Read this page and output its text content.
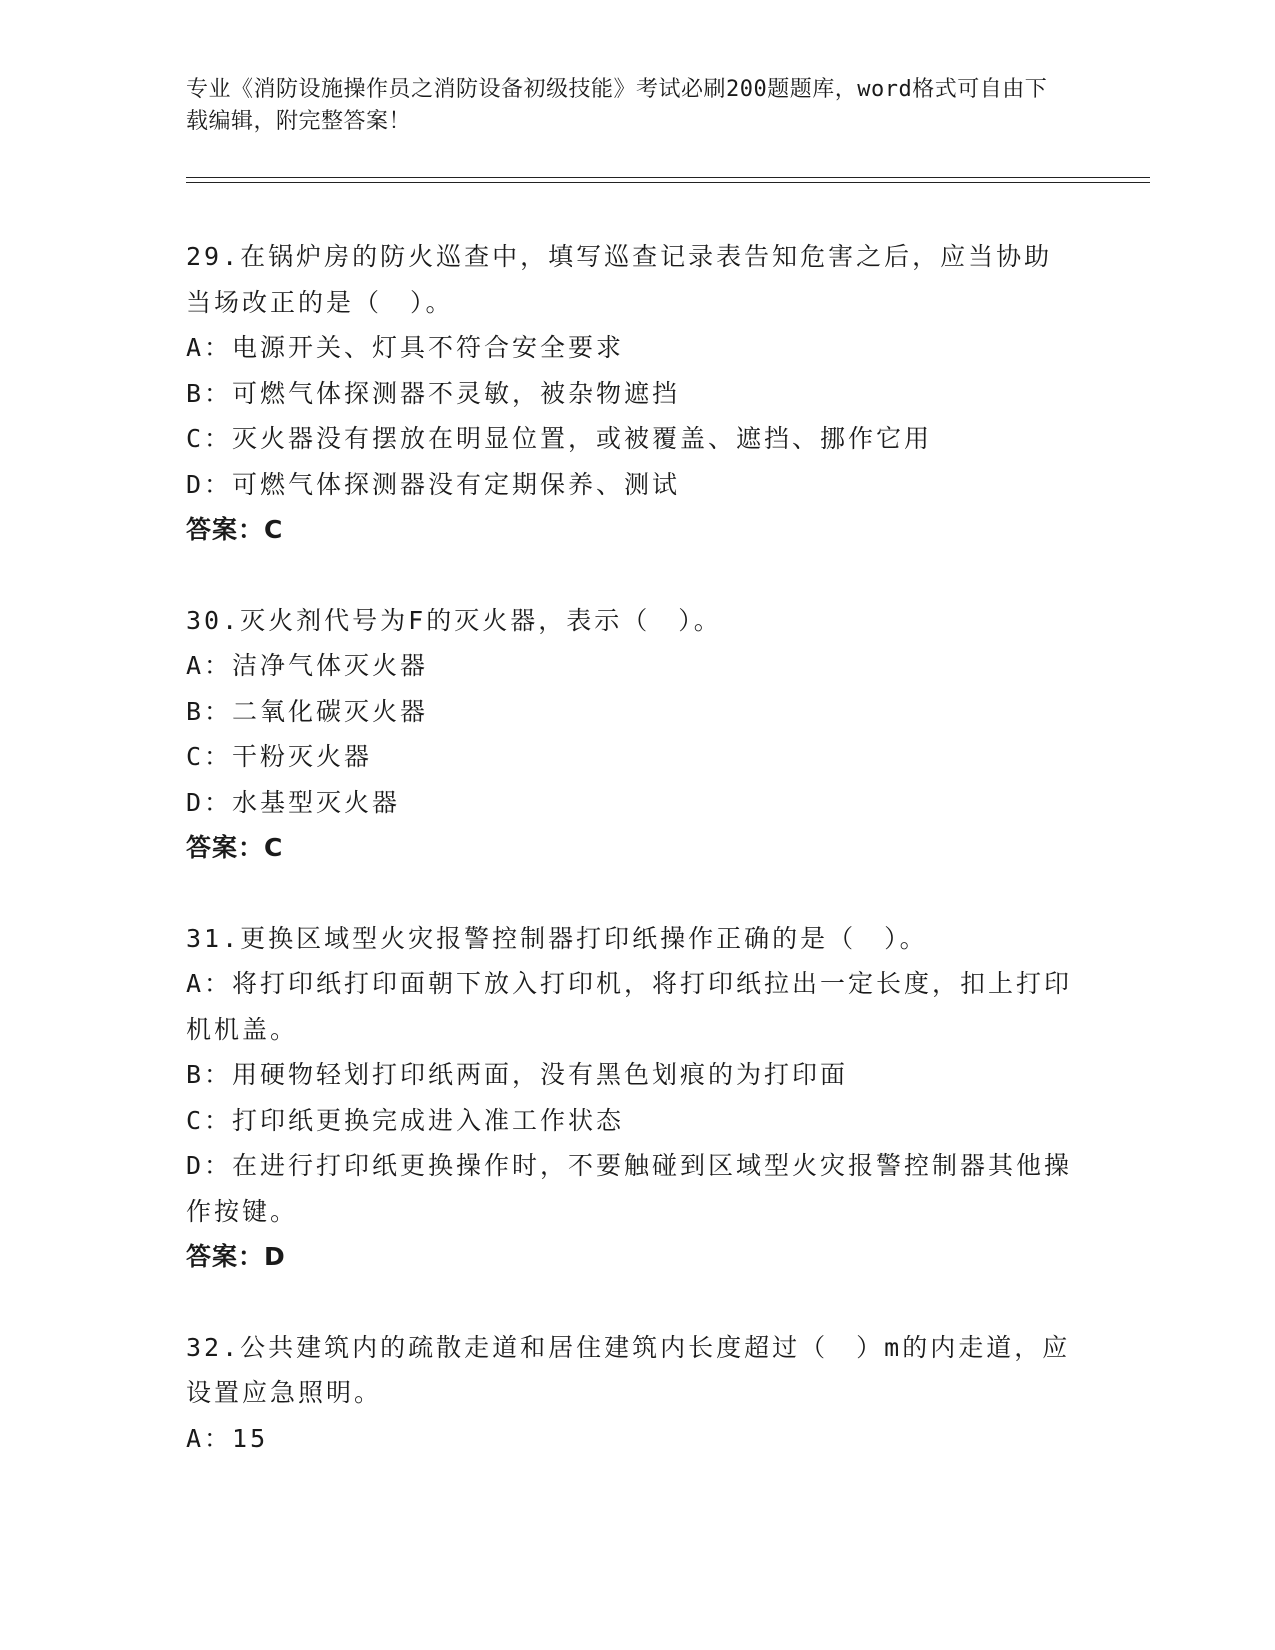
专业《消防设施操作员之消防设备初级技能》考试必刷200题题库，word格式可自由下载编辑，附完整答案！

29.在锅炉房的防火巡查中，填写巡查记录表告知危害之后，应当协助当场改正的是（　）。

A：电源开关、灯具不符合安全要求

B：可燃气体探测器不灵敏，被杂物遮挡

C：灭火器没有摆放在明显位置，或被覆盖、遮挡、挪作它用

D：可燃气体探测器没有定期保养、测试

答案：C

30.灭火剂代号为F的灭火器，表示（　）。

A：洁净气体灭火器

B：二氧化碳灭火器

C：干粉灭火器

D：水基型灭火器

答案：C

31.更换区域型火灾报警控制器打印纸操作正确的是（　）。

A：将打印纸打印面朝下放入打印机，将打印纸拉出一定长度，扣上打印机机盖。

B：用硬物轻划打印纸两面，没有黑色划痕的为打印面

C：打印纸更换完成进入准工作状态

D：在进行打印纸更换操作时，不要触碰到区域型火灾报警控制器其他操作按键。

答案：D

32.公共建筑内的疏散走道和居住建筑内长度超过（　）m的内走道，应设置应急照明。

A：15
